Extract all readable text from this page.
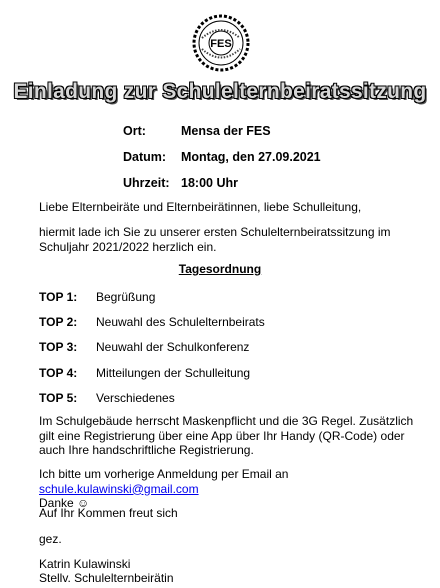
FES
Einladung zur Schulelternbeiratssitzung
Ort:	Mensa der FES
Datum: Montag, den 27.09.2021
Uhrzeit: 18:00 Uhr
Liebe Elternbeiräte und Elternbeirätinnen, liebe Schulleitung,
hiermit lade ich Sie zu unserer ersten Schulelternbeiratssitzung im Schuljahr 2021/2022 herzlich ein.
Tagesordnung
TOP 1: Begrüßung
TOP 2: Neuwahl des Schulelternbeirats
TOP 3: Neuwahl der Schulkonferenz
TOP 4: Mitteilungen der Schulleitung
TOP 5: Verschiedenes
Im Schulgebäude herrscht Maskenpflicht und die 3G Regel. Zusätzlich gilt eine Registrierung über eine App über Ihr Handy (QR-Code) oder auch Ihre handschriftliche Registrierung.
Ich bitte um vorherige Anmeldung per Email an schule.kulawinski@gmail.com
Danke ☺
Auf Ihr Kommen freut sich
gez.
Katrin Kulawinski
Stellv. Schulelternbeirätin
